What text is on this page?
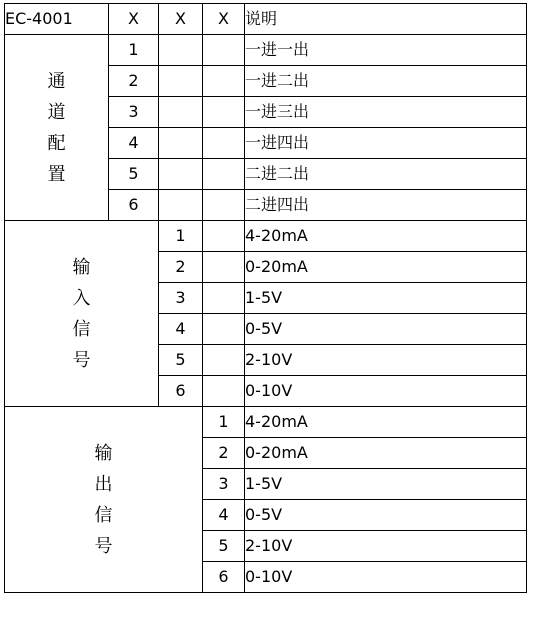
EC-4001	X	X	X	说明
通道配置	1			一进一出
	2			一进二出
	3			一进三出
	4			一进四出
	5			二进二出
	6			二进四出
输入信号		1		4-20mA
		2		0-20mA
		3		1-5V
		4		0-5V
		5		2-10V
		6		0-10V
输出信号			1	4-20mA
			2	0-20mA
			3	1-5V
			4	0-5V
			5	2-10V
			6	0-10V
